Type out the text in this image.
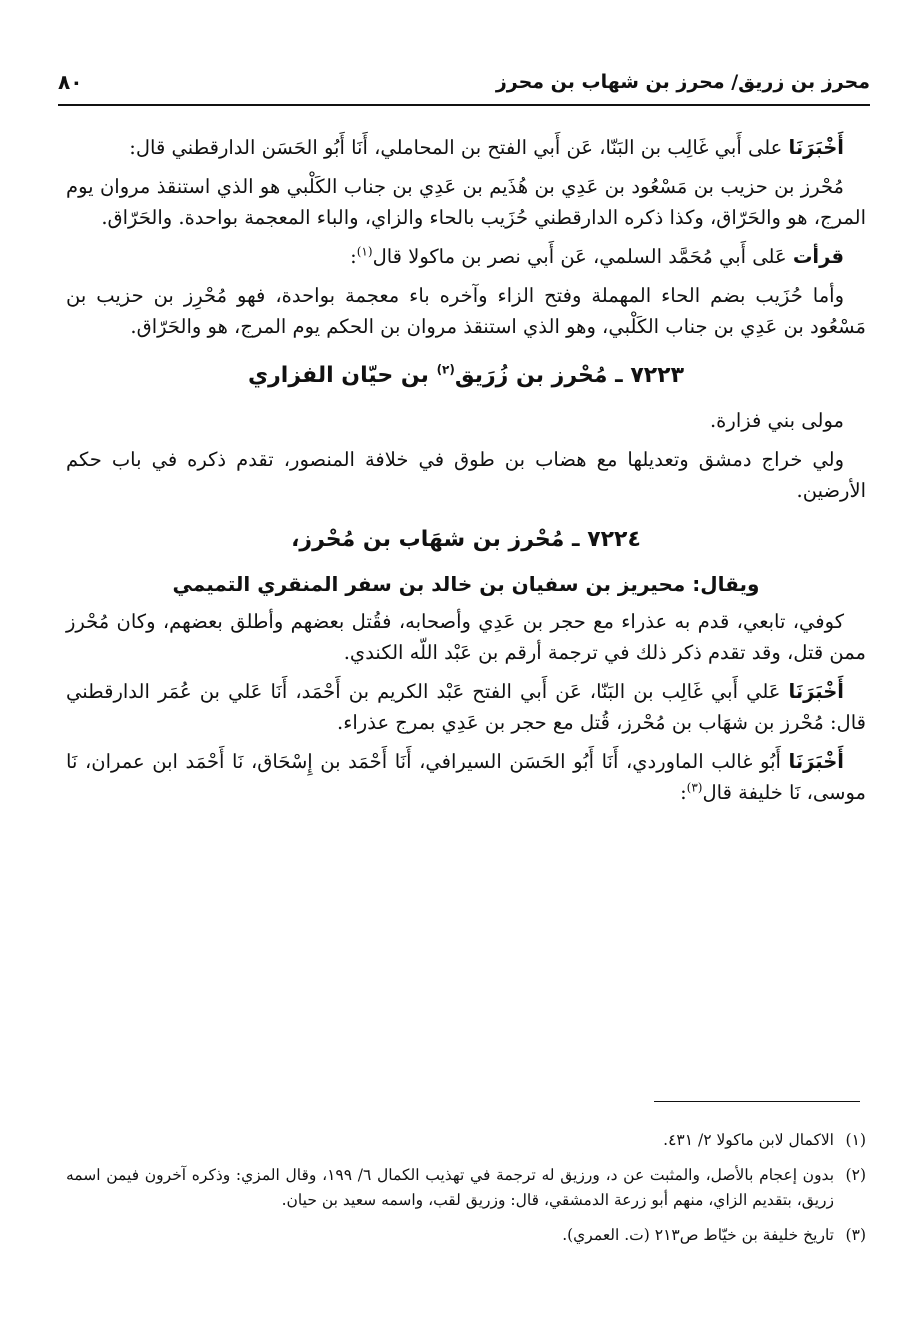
محرز بن زريق/ محرز بن شهاب بن محرز
٨٠

أَخْبَرَنَا على أَبي غَالِب بن البَنّا، عَن أَبي الفتح بن المحاملي، أَنَا أَبُو الحَسَن الدارقطني قال:

مُحْرز بن حزيب بن مَسْعُود بن عَدِي بن هُذَيم بن عَدِي بن جناب الكَلْبي هو الذي استنقذ مروان يوم المرج، هو والحَرّاق، وكذا ذكره الدارقطني حُزَيب بالحاء والزاي، والباء المعجمة بواحدة. والحَرّاق.

قرأت عَلى أَبي مُحَمَّد السلمي، عَن أَبي نصر بن ماكولا قال$^{(١)}$:

وأما حُزَيب بضم الحاء المهملة وفتح الزاء وآخره باء معجمة بواحدة، فهو مُحْرِز بن حزيب بن مَسْعُود بن عَدِي بن جناب الكَلْبي، وهو الذي استنقذ مروان بن الحكم يوم المرج، هو والحَرّاق.

٧٢٢٣ ـ مُحْرز بن زُرَيق$^{(٢)}$ بن حيّان الفزاري

مولى بني فزارة.

ولي خراج دمشق وتعديلها مع هضاب بن طوق في خلافة المنصور، تقدم ذكره في باب حكم الأرضين.

٧٢٢٤ ـ مُحْرز بن شهَاب بن مُحْرز،

ويقال: محيريز بن سفيان بن خالد بن سفر المنقري التميمي

كوفي، تابعي، قدم به عذراء مع حجر بن عَدِي وأصحابه، فقُتل بعضهم وأطلق بعضهم، وكان مُحْرز ممن قتل، وقد تقدم ذكر ذلك في ترجمة أرقم بن عَبْد اللّه الكندي.

أَخْبَرَنَا عَلي أَبي غَالِب بن البَنّا، عَن أَبي الفتح عَبْد الكريم بن أَحْمَد، أَنَا عَلي بن عُمَر الدارقطني قال: مُحْرز بن شهَاب بن مُحْرز، قُتل مع حجر بن عَدِي بمرج عذراء.

أَخْبَرَنَا أَبُو غالب الماوردي، أَنَا أَبُو الحَسَن السيرافي، أَنَا أَحْمَد بن إِسْحَاق، نَا أَحْمَد ابن عمران، نَا موسى، نَا خليفة قال$^{(٣)}$:

(١)
الاكمال لابن ماكولا ٢/ ٤٣١.
(٢)
بدون إعجام بالأصل، والمثبت عن د، ورزيق له ترجمة في تهذيب الكمال ٦/ ١٩٩، وقال المزي: وذكره آخرون فيمن اسمه زريق، بتقديم الزاي، منهم أبو زرعة الدمشقي، قال: وزريق لقب، واسمه سعيد بن حيان.
(٣)
تاريخ خليفة بن خيّاط ص٢١٣ (ت. العمري).
